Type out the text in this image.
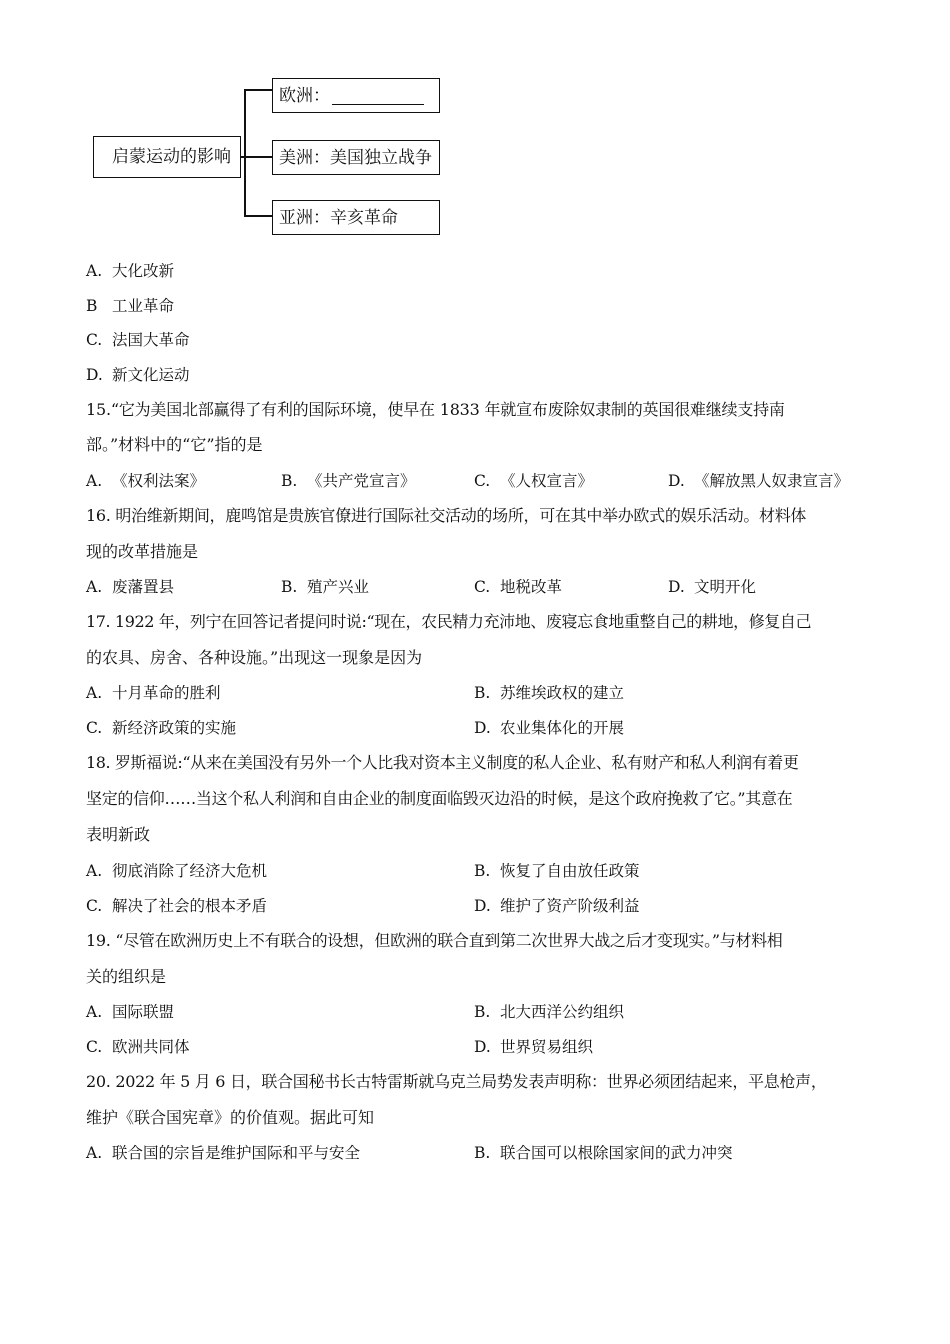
启蒙运动的影响
欧洲：
美洲：美国独立战争
亚洲：辛亥革命
A. 大化改新
B 工业革命
C. 法国大革命
D. 新文化运动
15.“它为美国北部赢得了有利的国际环境，使早在 1833 年就宣布废除奴隶制的英国很难继续支持南
部。”材料中的“它”指的是
A. 《权利法案》	B. 《共产党宣言》	C. 《人权宣言》	D. 《解放黑人奴隶宣言》
16. 明治维新期间，鹿鸣馆是贵族官僚进行国际社交活动的场所，可在其中举办欧式的娱乐活动。材料体
现的改革措施是
A. 废藩置县	B. 殖产兴业	C. 地税改革	D. 文明开化
17. 1922 年，列宁在回答记者提问时说:“现在，农民精力充沛地、废寝忘食地重整自己的耕地，修复自己
的农具、房舍、各种设施。”出现这一现象是因为
A. 十月革命的胜利	B. 苏维埃政权的建立
C. 新经济政策的实施	D. 农业集体化的开展
18. 罗斯福说:“从来在美国没有另外一个人比我对资本主义制度的私人企业、私有财产和私人利润有着更
坚定的信仰……当这个私人利润和自由企业的制度面临毁灭边沿的时候，是这个政府挽救了它。”其意在
表明新政
A. 彻底消除了经济大危机	B. 恢复了自由放任政策
C. 解决了社会的根本矛盾	D. 维护了资产阶级利益
19. “尽管在欧洲历史上不有联合的设想，但欧洲的联合直到第二次世界大战之后才变现实。”与材料相
关的组织是
A. 国际联盟	B. 北大西洋公约组织
C. 欧洲共同体	D. 世界贸易组织
20. 2022 年 5 月 6 日，联合国秘书长古特雷斯就乌克兰局势发表声明称：世界必须团结起来，平息枪声，
维护《联合国宪章》的价值观。据此可知
A. 联合国的宗旨是维护国际和平与安全	B. 联合国可以根除国家间的武力冲突
